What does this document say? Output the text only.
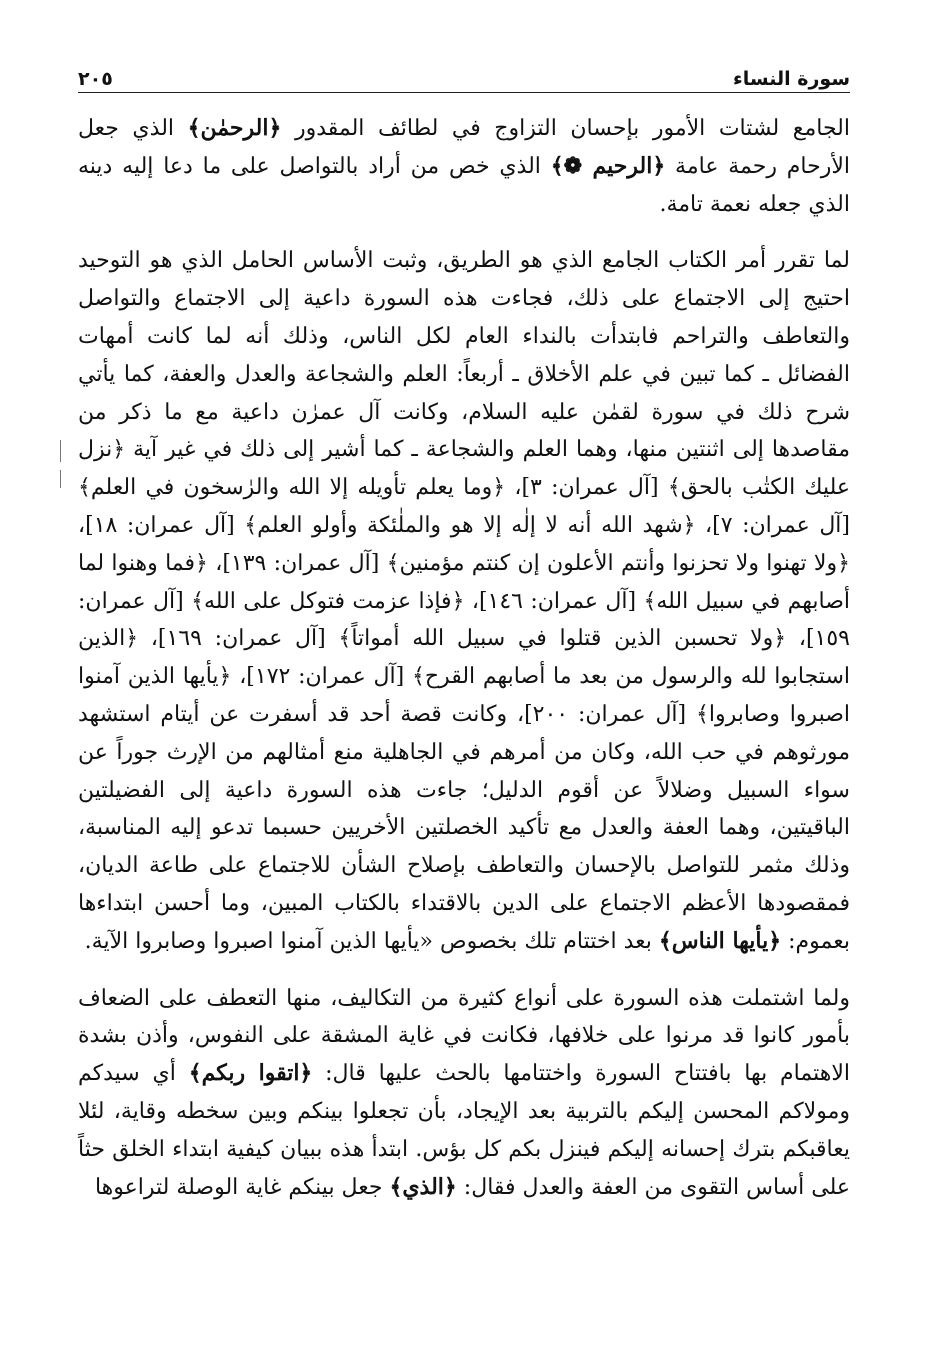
سورة النساء
٢٠٥

الجامع لشتات الأمور بإحسان التزاوج في لطائف المقدور ﴿الرحمٰن﴾ الذي جعل الأرحام رحمة عامة ﴿الرحيم ❁﴾ الذي خص من أراد بالتواصل على ما دعا إليه دينه الذي جعله نعمة تامة.

لما تقرر أمر الكتاب الجامع الذي هو الطريق، وثبت الأساس الحامل الذي هو التوحيد احتيج إلى الاجتماع على ذلك، فجاءت هذه السورة داعية إلى الاجتماع والتواصل والتعاطف والتراحم فابتدأت بالنداء العام لكل الناس، وذلك أنه لما كانت أمهات الفضائل ـ كما تبين في علم الأخلاق ـ أربعاً: العلم والشجاعة والعدل والعفة، كما يأتي شرح ذلك في سورة لقمٰن عليه السلام، وكانت آل عمرٰن داعية مع ما ذكر من مقاصدها إلى اثنتين منها، وهما العلم والشجاعة ـ كما أشير إلى ذلك في غير آية ﴿نزل عليك الكتٰب بالحق﴾ [آل عمران: ٣]، ﴿وما يعلم تأويله إلا الله والرٰسخون في العلم﴾ [آل عمران: ٧]، ﴿شهد الله أنه لا إلٰه إلا هو والملٰئكة وأولو العلم﴾ [آل عمران: ١٨]، ﴿ولا تهنوا ولا تحزنوا وأنتم الأعلون إن كنتم مؤمنين﴾ [آل عمران: ١٣٩]، ﴿فما وهنوا لما أصابهم في سبيل الله﴾ [آل عمران: ١٤٦]، ﴿فإذا عزمت فتوكل على الله﴾ [آل عمران: ١٥٩]، ﴿ولا تحسبن الذين قتلوا في سبيل الله أمواتاً﴾ [آل عمران: ١٦٩]، ﴿الذين استجابوا لله والرسول من بعد ما أصابهم القرح﴾ [آل عمران: ١٧٢]، ﴿يأيها الذين آمنوا اصبروا وصابروا﴾ [آل عمران: ٢٠٠]، وكانت قصة أحد قد أسفرت عن أيتام استشهد مورثوهم في حب الله، وكان من أمرهم في الجاهلية منع أمثالهم من الإرث جوراً عن سواء السبيل وضلالاً عن أقوم الدليل؛ جاءت هذه السورة داعية إلى الفضيلتين الباقيتين، وهما العفة والعدل مع تأكيد الخصلتين الأخريين حسبما تدعو إليه المناسبة، وذلك مثمر للتواصل بالإحسان والتعاطف بإصلاح الشأن للاجتماع على طاعة الديان، فمقصودها الأعظم الاجتماع على الدين بالاقتداء بالكتاب المبين، وما أحسن ابتداءها بعموم: ﴿يأيها الناس﴾ بعد اختتام تلك بخصوص «يأيها الذين آمنوا اصبروا وصابروا الآية.

ولما اشتملت هذه السورة على أنواع كثيرة من التكاليف، منها التعطف على الضعاف بأمور كانوا قد مرنوا على خلافها، فكانت في غاية المشقة على النفوس، وأذن بشدة الاهتمام بها بافتتاح السورة واختتامها بالحث عليها قال: ﴿اتقوا ربكم﴾ أي سيدكم ومولاكم المحسن إليكم بالتربية بعد الإيجاد، بأن تجعلوا بينكم وبين سخطه وقاية، لئلا يعاقبكم بترك إحسانه إليكم فينزل بكم كل بؤس. ابتدأ هذه ببيان كيفية ابتداء الخلق حثاً على أساس التقوى من العفة والعدل فقال: ﴿الذي﴾ جعل بينكم غاية الوصلة لتراعوها
